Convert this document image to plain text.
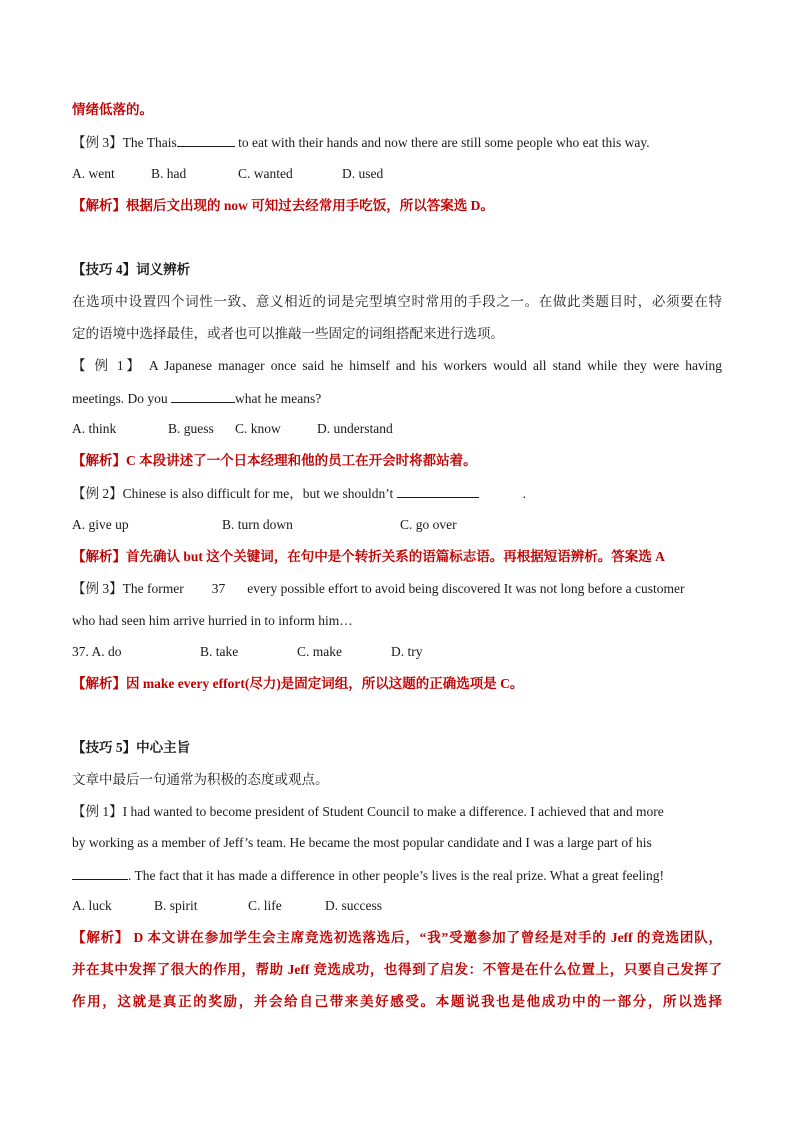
情绪低落的。
【例 3】The Thais	to eat with their hands and now there are still some people who eat this way.
A. went	B. had	C. wanted	D. used
【解析】根据后文出现的 now 可知过去经常用手吃饭，所以答案选 D。
【技巧 4】词义辨析
在选项中设置四个词性一致、意义相近的词是完型填空时常用的手段之一。在做此类题目时，必须要在特
定的语境中选择最佳，或者也可以推敲一些固定的词组搭配来进行选项。
【 例 1】 A Japanese manager once said he himself and his workers would all stand while they were having
meetings. Do you	what he means?
A. think	B. guess C. know	D. understand
【解析】C 本段讲述了一个日本经理和他的员工在开会时将都站着。
【例 2】Chinese is also difficult for me，but we shouldn’t	.
A. give up	B. turn down	C. go over
【解析】首先确认 but 这个关键词，在句中是个转折关系的语篇标志语。再根据短语辨析。答案选 A
【例 3】The former 37 every possible effort to avoid being discovered It was not long before a customer
who had seen him arrive hurried in to inform him…
37. A. do	B. take	C. make	D. try
【解析】因 make every effort(尽力)是固定词组，所以这题的正确选项是 C。
【技巧 5】中心主旨
文章中最后一句通常为积极的态度或观点。
【例 1】I had wanted to become president of Student Council to make a difference. I achieved that and more
by working as a member of Jeff’s team. He became the most popular candidate and I was a large part of his
. The fact that it has made a difference in other people’s lives is the real prize. What a great feeling!
A. luck	B. spirit	C. life	D. success
【解析】 D 本文讲在参加学生会主席竞选初选落选后，“我”受邀参加了曾经是对手的 Jeff 的竞选团队，
并在其中发挥了很大的作用，帮助 Jeff 竞选成功，也得到了启发：不管是在什么位置上，只要自己发挥了
作用，这就是真正的奖励，并会给自己带来美好感受。本题说我也是他成功中的一部分，所以选择
